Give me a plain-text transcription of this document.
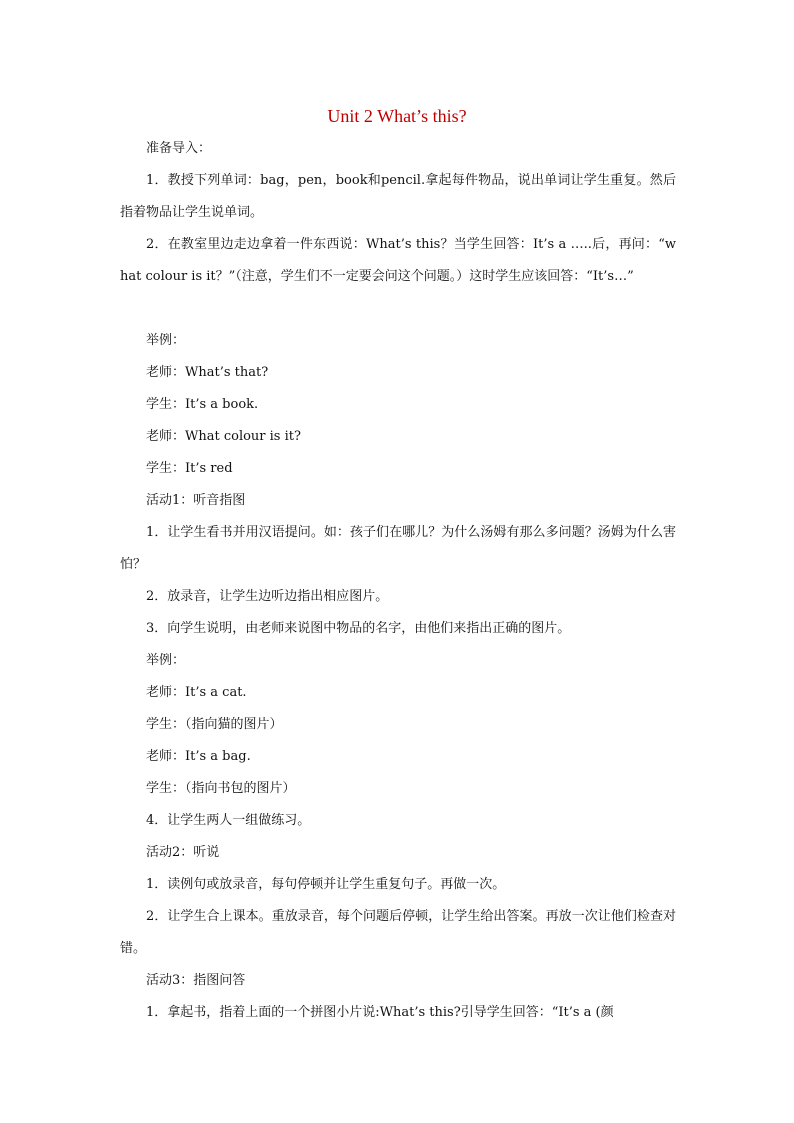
Unit 2 What’s this?

准备导入：

1．教授下列单词：bag，pen，book和pencil.拿起每件物品，说出单词让学生重复。然后指着物品让学生说单词。

2．在教室里边走边拿着一件东西说：What’s this？当学生回答：It’s a …..后，再问：“what colour is it？”（注意，学生们不一定要会问这个问题。）这时学生应该回答：“It’s…”

举例：

老师：What’s that?

学生：It’s a book.

老师：What colour is it?

学生：It’s red

活动1：听音指图

1．让学生看书并用汉语提问。如：孩子们在哪儿？为什么汤姆有那么多问题？汤姆为什么害怕？

2．放录音，让学生边听边指出相应图片。

3．向学生说明，由老师来说图中物品的名字，由他们来指出正确的图片。

举例：

老师：It’s a cat.

学生：（指向猫的图片）

老师：It’s a bag.

学生：（指向书包的图片）

4．让学生两人一组做练习。

活动2：听说

1．读例句或放录音，每句停顿并让学生重复句子。再做一次。

2．让学生合上课本。重放录音，每个问题后停顿，让学生给出答案。再放一次让他们检查对错。

活动3：指图问答

1．拿起书，指着上面的一个拼图小片说:What’s this?引导学生回答：“It’s a (颜
